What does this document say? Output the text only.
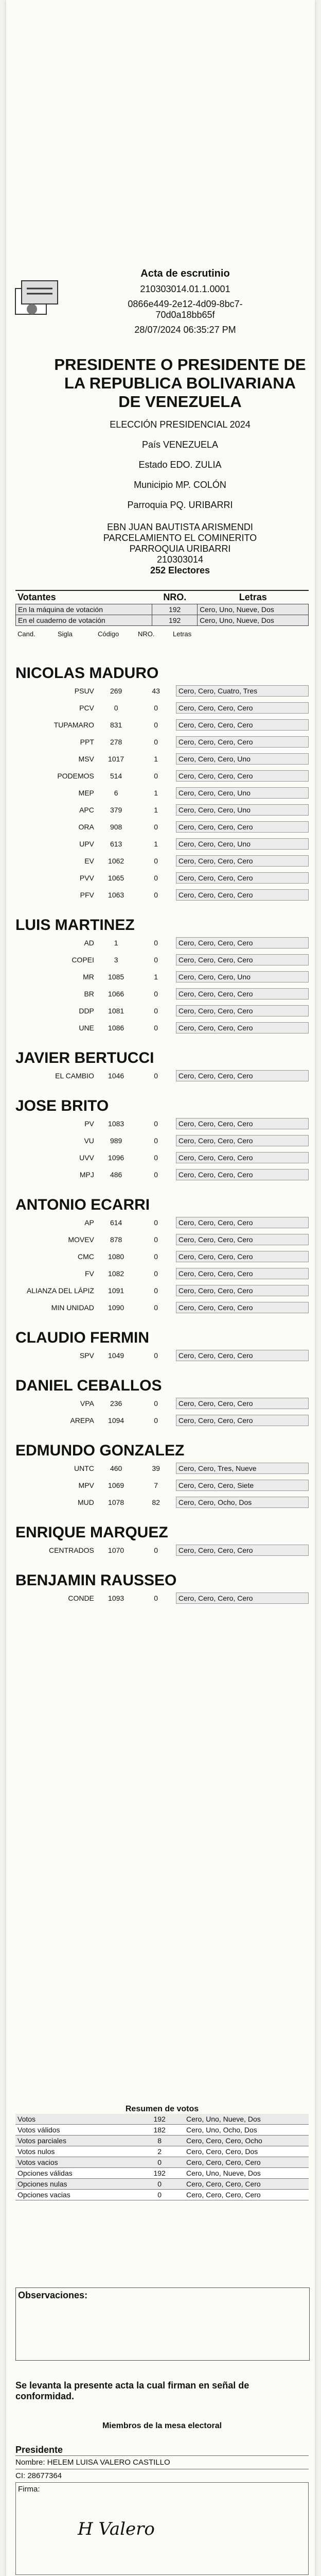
Acta de escrutinio
210303014.01.1.0001
0866e449-2e12-4d09-8bc7-
70d0a18bb65f
28/07/2024 06:35:27 PM
PRESIDENTE O PRESIDENTE DE LA REPUBLICA BOLIVARIANA DE VENEZUELA
ELECCIÓN PRESIDENCIAL 2024
País VENEZUELA
Estado EDO. ZULIA
Municipio MP. COLÓN
Parroquia PQ. URIBARRI
EBN JUAN BAUTISTA ARISMENDI
PARCELAMIENTO EL COMINERITO
PARROQUIA URIBARRI
210303014
252 Electores
Votantes	NRO.	Letras
En la máquina de votación	192	Cero, Uno, Nueve, Dos
En el cuaderno de votación	192	Cero, Uno, Nueve, Dos
Cand.	Sigla	Código	NRO.	Letras
NICOLAS MADURO
PSUV	269	43	Cero, Cero, Cuatro, Tres
PCV	0	0	Cero, Cero, Cero, Cero
TUPAMARO	831	0	Cero, Cero, Cero, Cero
PPT	278	0	Cero, Cero, Cero, Cero
MSV	1017	1	Cero, Cero, Cero, Uno
PODEMOS	514	0	Cero, Cero, Cero, Cero
MEP	6	1	Cero, Cero, Cero, Uno
APC	379	1	Cero, Cero, Cero, Uno
ORA	908	0	Cero, Cero, Cero, Cero
UPV	613	1	Cero, Cero, Cero, Uno
EV	1062	0	Cero, Cero, Cero, Cero
PVV	1065	0	Cero, Cero, Cero, Cero
PFV	1063	0	Cero, Cero, Cero, Cero
LUIS MARTINEZ
AD	1	0	Cero, Cero, Cero, Cero
COPEI	3	0	Cero, Cero, Cero, Cero
MR	1085	1	Cero, Cero, Cero, Uno
BR	1066	0	Cero, Cero, Cero, Cero
DDP	1081	0	Cero, Cero, Cero, Cero
UNE	1086	0	Cero, Cero, Cero, Cero
JAVIER BERTUCCI
EL CAMBIO	1046	0	Cero, Cero, Cero, Cero
JOSE BRITO
PV	1083	0	Cero, Cero, Cero, Cero
VU	989	0	Cero, Cero, Cero, Cero
UVV	1096	0	Cero, Cero, Cero, Cero
MPJ	486	0	Cero, Cero, Cero, Cero
ANTONIO ECARRI
AP	614	0	Cero, Cero, Cero, Cero
MOVEV	878	0	Cero, Cero, Cero, Cero
CMC	1080	0	Cero, Cero, Cero, Cero
FV	1082	0	Cero, Cero, Cero, Cero
ALIANZA DEL LÁPIZ	1091	0	Cero, Cero, Cero, Cero
MIN UNIDAD	1090	0	Cero, Cero, Cero, Cero
CLAUDIO FERMIN
SPV	1049	0	Cero, Cero, Cero, Cero
DANIEL CEBALLOS
VPA	236	0	Cero, Cero, Cero, Cero
AREPA	1094	0	Cero, Cero, Cero, Cero
EDMUNDO GONZALEZ
UNTC	460	39	Cero, Cero, Tres, Nueve
MPV	1069	7	Cero, Cero, Cero, Siete
MUD	1078	82	Cero, Cero, Ocho, Dos
ENRIQUE MARQUEZ
CENTRADOS	1070	0	Cero, Cero, Cero, Cero
BENJAMIN RAUSSEO
CONDE	1093	0	Cero, Cero, Cero, Cero
Resumen de votos
Votos	192	Cero, Uno, Nueve, Dos
Votos válidos	182	Cero, Uno, Ocho, Dos
Votos parciales	8	Cero, Cero, Cero, Ocho
Votos nulos	2	Cero, Cero, Cero, Dos
Votos vacios	0	Cero, Cero, Cero, Cero
Opciones válidas	192	Cero, Uno, Nueve, Dos
Opciones nulas	0	Cero, Cero, Cero, Cero
Opciones vacias	0	Cero, Cero, Cero, Cero
Observaciones:
Se levanta la presente acta la cual firman en señal de conformidad.
Miembros de la mesa electoral
Presidente
Nombre: HELEM LUISA VALERO CASTILLO
CI: 28677364
Firma:
H Valero
